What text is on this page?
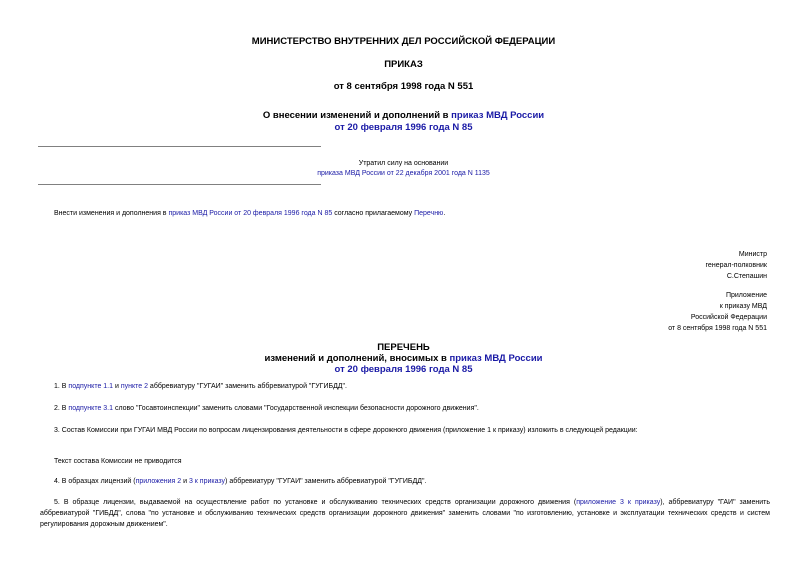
МИНИСТЕРСТВО ВНУТРЕННИХ ДЕЛ РОССИЙСКОЙ ФЕДЕРАЦИИ
ПРИКАЗ
от 8 сентября 1998 года N 551
О внесении изменений и дополнений в приказ МВД России
от 20 февраля 1996 года N 85
Утратил силу на основании
приказа МВД России от 22 декабря 2001 года N 1135
Внести изменения и дополнения в приказ МВД России от 20 февраля 1996 года N 85 согласно прилагаемому Перечню.
Министр
генерал-полковник
С.Степашин
Приложение
к приказу МВД
Российской Федерации
от 8 сентября 1998 года N 551
ПЕРЕЧЕНЬ
изменений и дополнений, вносимых в приказ МВД России
от 20 февраля 1996 года N 85
1. В подпункте 1.1 и пункте 2 аббревиатуру "ГУГАИ" заменить аббревиатурой "ГУГИБДД".
2. В подпункте 3.1 слово "Госавтоинспекции" заменить словами "Государственной инспекции безопасности дорожного движения".
3. Состав Комиссии при ГУГАИ МВД России по вопросам лицензирования деятельности в сфере дорожного движения (приложение 1 к приказу) изложить в следующей редакции:
Текст состава Комиссии не приводится
4. В образцах лицензий (приложения 2 и 3 к приказу) аббревиатуру "ГУГАИ" заменить аббревиатурой "ГУГИБДД".
5. В образце лицензии, выдаваемой на осуществление работ по установке и обслуживанию технических средств организации дорожного движения (приложение 3 к приказу), аббревиатуру "ГАИ" заменить аббревиатурой "ГИБДД", слова "по установке и обслуживанию технических средств организации дорожного движения" заменить словами "по изготовлению, установке и эксплуатации технических средств и систем регулирования дорожным движением".
